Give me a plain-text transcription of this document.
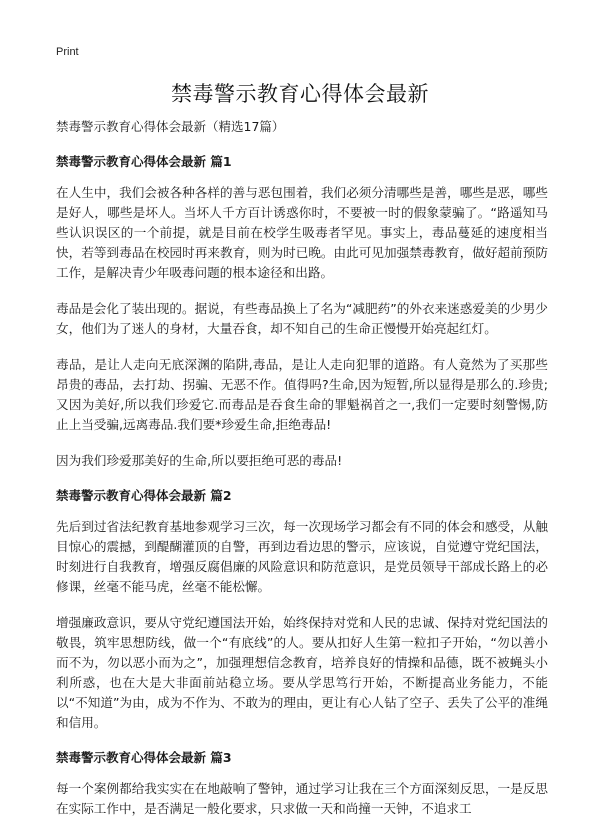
Print
禁毒警示教育心得体会最新

禁毒警示教育心得体会最新（精选17篇）

禁毒警示教育心得体会最新 篇1

在人生中，我们会被各种各样的善与恶包围着，我们必须分清哪些是善，哪些是恶，哪些是好人，哪些是坏人。当坏人千方百计诱惑你时，不要被一时的假象蒙骗了。“路遥知马些认识误区的一个前提，就是目前在校学生吸毒者罕见。事实上，毒品蔓延的速度相当快，若等到毒品在校园时再来教育，则为时已晚。由此可见加强禁毒教育，做好超前预防工作，是解决青少年吸毒问题的根本途径和出路。

毒品是会化了装出现的。据说，有些毒品换上了名为“减肥药”的外衣来迷惑爱美的少男少女，他们为了迷人的身材，大量吞食，却不知自己的生命正慢慢开始亮起红灯。

毒品，是让人走向无底深渊的陷阱,毒品，是让人走向犯罪的道路。有人竟然为了买那些昂贵的毒品，去打劫、拐骗、无恶不作。值得吗?生命,因为短暂,所以显得是那么的.珍贵;又因为美好,所以我们珍爱它.而毒品是吞食生命的罪魁祸首之一,我们一定要时刻警惕,防止上当受骗,远离毒品.我们要*珍爱生命,拒绝毒品!

因为我们珍爱那美好的生命,所以要拒绝可恶的毒品!

禁毒警示教育心得体会最新 篇2

先后到过省法纪教育基地参观学习三次，每一次现场学习都会有不同的体会和感受，从触目惊心的震撼，到醍醐灌顶的自警，再到边看边思的警示，应该说，自觉遵守党纪国法，时刻进行自我教育，增强反腐倡廉的风险意识和防范意识，是党员领导干部成长路上的必修课，丝毫不能马虎，丝毫不能松懈。

增强廉政意识，要从守党纪遵国法开始，始终保持对党和人民的忠诚、保持对党纪国法的敬畏，筑牢思想防线，做一个“有底线”的人。要从扣好人生第一粒扣子开始，“勿以善小而不为，勿以恶小而为之”，加强理想信念教育，培养良好的情操和品德，既不被蝇头小利所惑，也在大是大非面前站稳立场。要从学思笃行开始，不断提高业务能力，不能以“不知道”为由，成为不作为、不敢为的理由，更让有心人钻了空子、丢失了公平的准绳和信用。

禁毒警示教育心得体会最新 篇3

每一个案例都给我实实在在地敲响了警钟，通过学习让我在三个方面深刻反思，一是反思在实际工作中，是否满足一般化要求，只求做一天和尚撞一天钟，不追求工
